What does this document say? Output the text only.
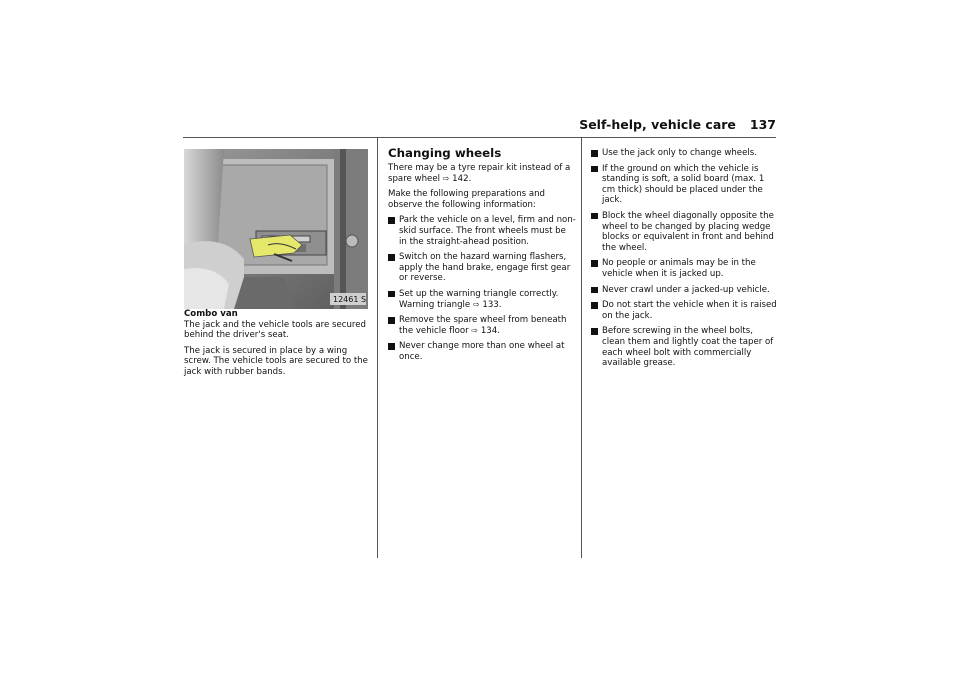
Self-help, vehicle care 137
12461 S

Combo van

The jack and the vehicle tools are secured behind the driver's seat.

The jack is secured in place by a wing screw. The vehicle tools are secured to the jack with rubber bands.

Changing wheels

There may be a tyre repair kit instead of a spare wheel ⇨ 142.

Make the following preparations and observe the following information:

Park the vehicle on a level, firm and non-skid surface. The front wheels must be in the straight-ahead position.
Switch on the hazard warning flashers, apply the hand brake, engage first gear or reverse.
Set up the warning triangle correctly. Warning triangle ⇨ 133.
Remove the spare wheel from beneath the vehicle floor ⇨ 134.
Never change more than one wheel at once.
Use the jack only to change wheels.
If the ground on which the vehicle is standing is soft, a solid board (max. 1 cm thick) should be placed under the jack.
Block the wheel diagonally opposite the wheel to be changed by placing wedge blocks or equivalent in front and behind the wheel.
No people or animals may be in the vehicle when it is jacked up.
Never crawl under a jacked-up vehicle.
Do not start the vehicle when it is raised on the jack.
Before screwing in the wheel bolts, clean them and lightly coat the taper of each wheel bolt with commercially available grease.
